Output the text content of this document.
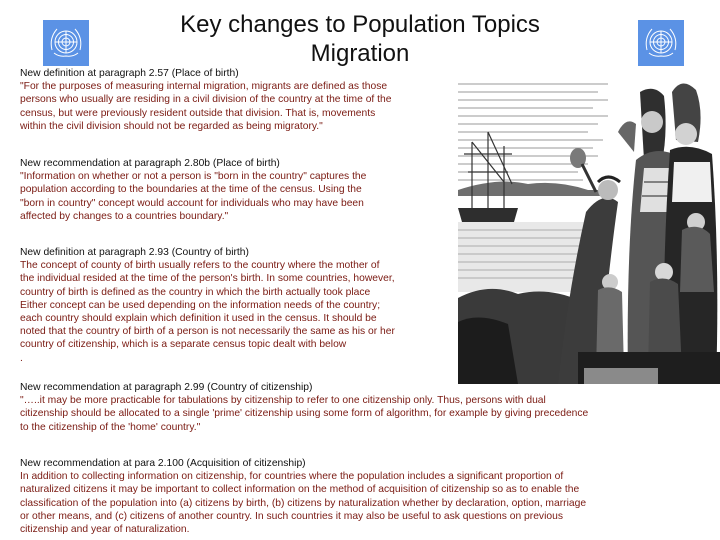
Key changes to Population Topics
Migration
New definition at paragraph 2.57 (Place of birth)
"For the purposes of measuring internal migration, migrants are defined as those
persons who usually are residing in a civil division of the country at the time of the
census, but were previously resident outside that division. That is, movements
within the civil division should not be regarded as being migratory."
New recommendation at paragraph 2.80b (Place of birth)
"Information on whether or not a person is "born in the country" captures the
population according to the boundaries at the time of the census. Using the
"born in country" concept would account for individuals who may have been
affected by changes to a countries boundary."
New definition at paragraph 2.93 (Country of birth)
The concept of county of birth usually refers to the country where the mother of
the individual resided at the time of the person's birth. In some countries, however,
country of birth is defined as the country in which the birth actually took place
Either concept can be used depending on the information needs of the country;
each country should explain which definition it used in the census. It should be
noted that the country of birth of a person is not necessarily the same as his or her
country of citizenship, which is a separate census topic dealt with below
.
New recommendation at paragraph 2.99 (Country of citizenship)
"…..it may be more practicable for tabulations by citizenship to refer to one citizenship only. Thus, persons with dual
citizenship should be allocated to a single 'prime' citizenship using some form of algorithm, for example by giving precedence
to the citizenship of the 'home' country."
New recommendation at para 2.100 (Acquisition of citizenship)
In addition to collecting information on citizenship, for countries where the population includes a significant proportion of
naturalized citizens it may be important to collect information on the method of acquisition of citizenship so as to enable the
classification of the population into (a) citizens by birth, (b) citizens by naturalization whether by declaration, option, marriage
or other means, and (c) citizens of another country. In such countries it may also be useful to ask questions on previous
citizenship and year of naturalization.
